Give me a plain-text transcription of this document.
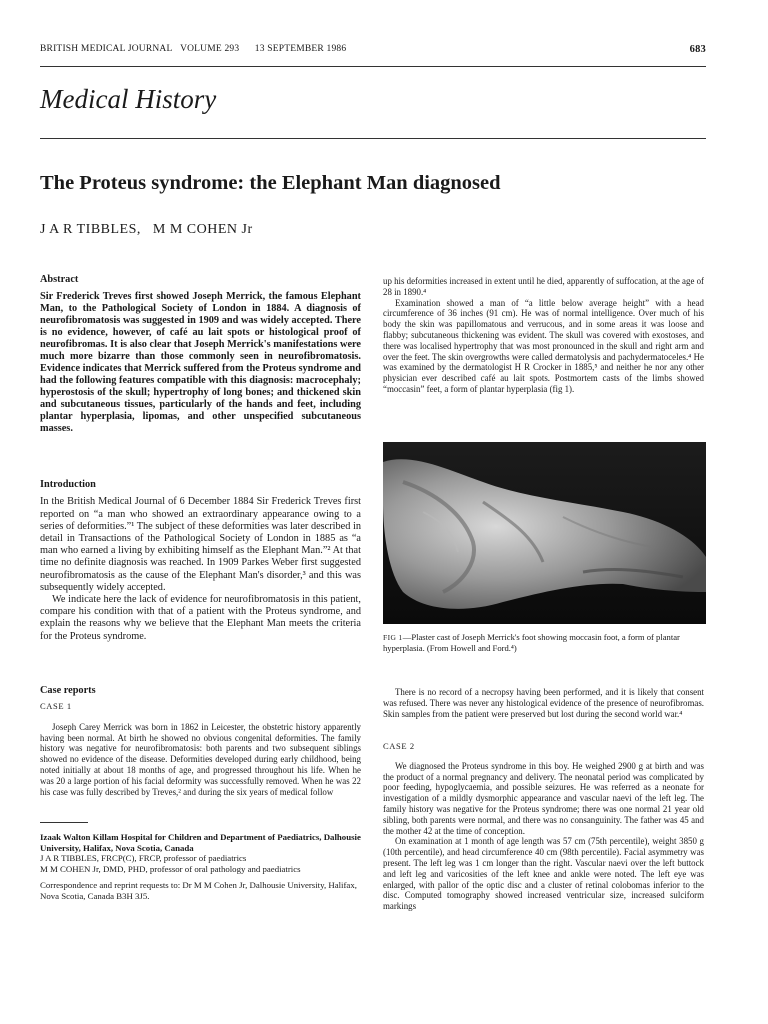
BRITISH MEDICAL JOURNAL VOLUME 293 13 SEPTEMBER 1986	683
Medical History
The Proteus syndrome: the Elephant Man diagnosed
J A R TIBBLES,   M M COHEN Jr

Abstract

Sir Frederick Treves first showed Joseph Merrick, the famous Elephant Man, to the Pathological Society of London in 1884. A diagnosis of neurofibromatosis was suggested in 1909 and was widely accepted. There is no evidence, however, of café au lait spots or histological proof of neurofibromas. It is also clear that Joseph Merrick's manifestations were much more bizarre than those commonly seen in neurofibromatosis. Evidence indicates that Merrick suffered from the Proteus syndrome and had the following features compatible with this diagnosis: macrocephaly; hyperostosis of the skull; hypertrophy of long bones; and thickened skin and subcutaneous tissues, particularly of the hands and feet, including plantar hyperplasia, lipomas, and other unspecified subcutaneous masses.

Introduction

In the British Medical Journal of 6 December 1884 Sir Frederick Treves first reported on “a man who showed an extraordinary appearance owing to a series of deformities.”¹ The subject of these deformities was later described in detail in Transactions of the Pathological Society of London in 1885 as “a man who earned a living by exhibiting himself as the Elephant Man.”² At that time no definite diagnosis was reached. In 1909 Parkes Weber first suggested neurofibromatosis as the cause of the Elephant Man's disorder,³ and this was subsequently widely accepted.

We indicate here the lack of evidence for neurofibromatosis in this patient, compare his condition with that of a patient with the Proteus syndrome, and explain the reasons why we believe that the Elephant Man meets the criteria for the Proteus syndrome.

Case reports

CASE 1

Joseph Carey Merrick was born in 1862 in Leicester, the obstetric history apparently having been normal. At birth he showed no obvious congenital deformities. The family history was negative for neurofibromatosis: both parents and two subsequent siblings showed no evidence of the disease. Deformities developed during early childhood, being noted initially at about 18 months of age, and progressed throughout his life. When he was 20 a large portion of his facial deformity was successfully removed. When he was 22 his case was fully described by Treves,² and during the six years of medical follow

Izaak Walton Killam Hospital for Children and Department of Paediatrics, Dalhousie University, Halifax, Nova Scotia, Canada

J A R TIBBLES, FRCP(C), FRCP, professor of paediatrics

M M COHEN Jr, DMD, PHD, professor of oral pathology and paediatrics

Correspondence and reprint requests to: Dr M M Cohen Jr, Dalhousie University, Halifax, Nova Scotia, Canada B3H 3J5.

up his deformities increased in extent until he died, apparently of suffocation, at the age of 28 in 1890.⁴

Examination showed a man of “a little below average height” with a head circumference of 36 inches (91 cm). He was of normal intelligence. Over much of his body the skin was papillomatous and verrucous, and in some areas it was loose and flabby; subcutaneous thickening was evident. The skull was covered with exostoses, and there was localised hypertrophy that was most pronounced in the skull and right arm and over the feet. The skin overgrowths were called dermatolysis and pachydermatoceles.⁴ He was examined by the dermatologist H R Crocker in 1885,⁵ and neither he nor any other physician ever described café au lait spots. Postmortem casts of the limbs showed “moccasin” feet, a form of plantar hyperplasia (fig 1).

FIG 1—Plaster cast of Joseph Merrick's foot showing moccasin foot, a form of plantar hyperplasia. (From Howell and Ford.⁴)

There is no record of a necropsy having been performed, and it is likely that consent was refused. There was never any histological evidence of the presence of neurofibromas. Skin samples from the patient were preserved but lost during the second world war.⁴

CASE 2

We diagnosed the Proteus syndrome in this boy. He weighed 2900 g at birth and was the product of a normal pregnancy and delivery. The neonatal period was complicated by poor feeding, hypoglycaemia, and possible seizures. He was referred as a neonate for investigation of a mildly dysmorphic appearance and vascular naevi of the left leg. The family history was negative for the Proteus syndrome; there was one normal 21 year old sibling, both parents were normal, and there was no consanguinity. The father was 45 and the mother 42 at the time of conception.

On examination at 1 month of age length was 57 cm (75th percentile), weight 3850 g (10th percentile), and head circumference 40 cm (98th percentile). Facial asymmetry was present. The left leg was 1 cm longer than the right. Vascular naevi over the left buttock and left leg and varicosities of the left knee and ankle were noted. The left eye was enlarged, with pallor of the optic disc and a cluster of retinal colobomas inferior to the disc. Computed tomography showed increased ventricular size, increased sulciform markings
